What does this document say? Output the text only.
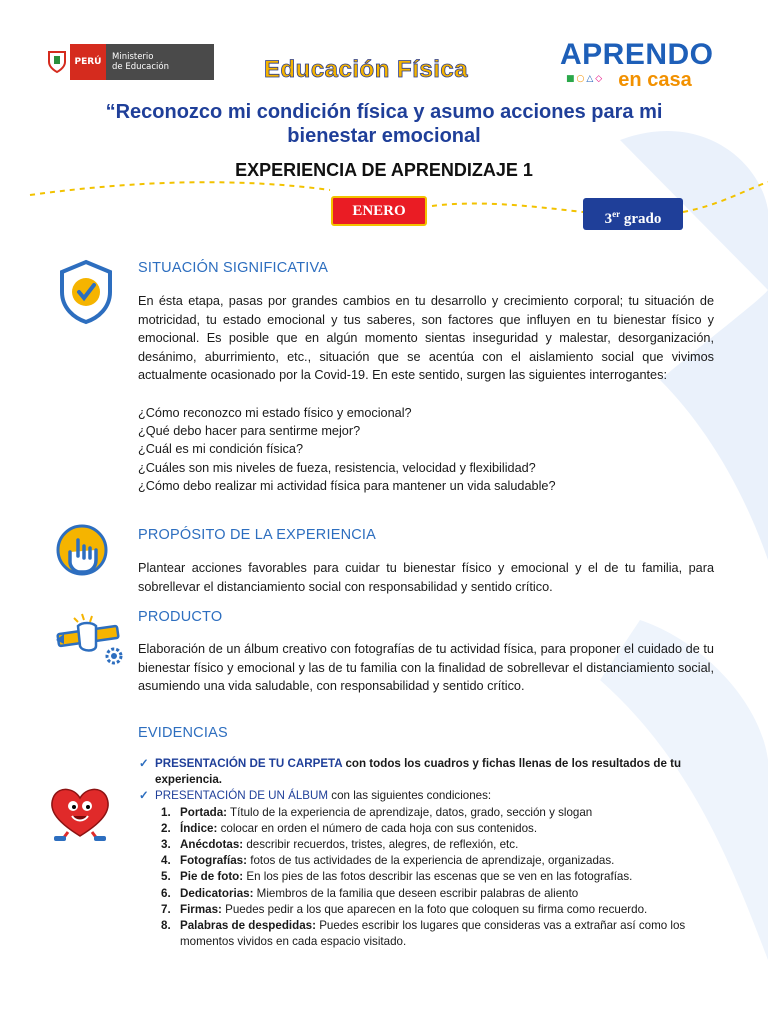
PERÚ	Ministerio
de Educación	Educación Física	APRENDO
en casa
■○△◇
“Reconozco mi condición física y asumo acciones para mi bienestar emocional
EXPERIENCIA DE APRENDIZAJE 1
ENERO	3er grado
SITUACIÓN SIGNIFICATIVA
En ésta etapa, pasas por grandes cambios en tu desarrollo y crecimiento corporal; tu situación de motricidad, tu estado emocional y tus saberes, son factores que influyen en tu bienestar físico y emocional. Es posible que en algún momento sientas inseguridad y malestar, desorganización, desánimo, aburrimiento, etc., situación que se acentúa con el aislamiento social que vivimos actualmente ocasionado por la Covid-19. En este sentido, surgen las siguientes interrogantes:

¿Cómo reconozco mi estado físico y emocional?

¿Qué debo hacer para sentirme mejor?

¿Cuál es mi condición física?

¿Cuáles son mis niveles de fueza, resistencia, velocidad y flexibilidad?

¿Cómo debo realizar mi actividad física para mantener un vida saludable?

PROPÓSITO DE LA EXPERIENCIA
Plantear acciones favorables para cuidar tu bienestar físico y emocional y el de tu familia, para sobrellevar el distanciamiento social con responsabilidad y sentido crítico.
PRODUCTO
Elaboración de un álbum creativo con fotografías de tu actividad física, para proponer el cuidado de tu bienestar físico y emocional y las de tu familia con la finalidad de sobrellevar el distanciamiento social, asumiendo una vida saludable, con responsabilidad y sentido crítico.
EVIDENCIAS
✓ PRESENTACIÓN DE TU CARPETA con todos los cuadros y fichas llenas de los resultados de tu experiencia.
✓ PRESENTACIÓN DE UN ÁLBUM con las siguientes condiciones:
1. Portada: Título de la experiencia de aprendizaje, datos, grado, sección y slogan
2. Índice: colocar en orden el número de cada hoja con sus contenidos.
3. Anécdotas: describir recuerdos, tristes, alegres, de reflexión, etc.
4. Fotografías: fotos de tus actividades de la experiencia de aprendizaje, organizadas.
5. Pie de foto: En los pies de las fotos describir las escenas que se ven en las fotografías.
6. Dedicatorias: Miembros de la familia que deseen escribir palabras de aliento
7. Firmas: Puedes pedir a los que aparecen en la foto que coloquen su firma como recuerdo.
8. Palabras de despedidas: Puedes escribir los lugares que consideras vas a extrañar así como los momentos vividos en cada espacio visitado.
